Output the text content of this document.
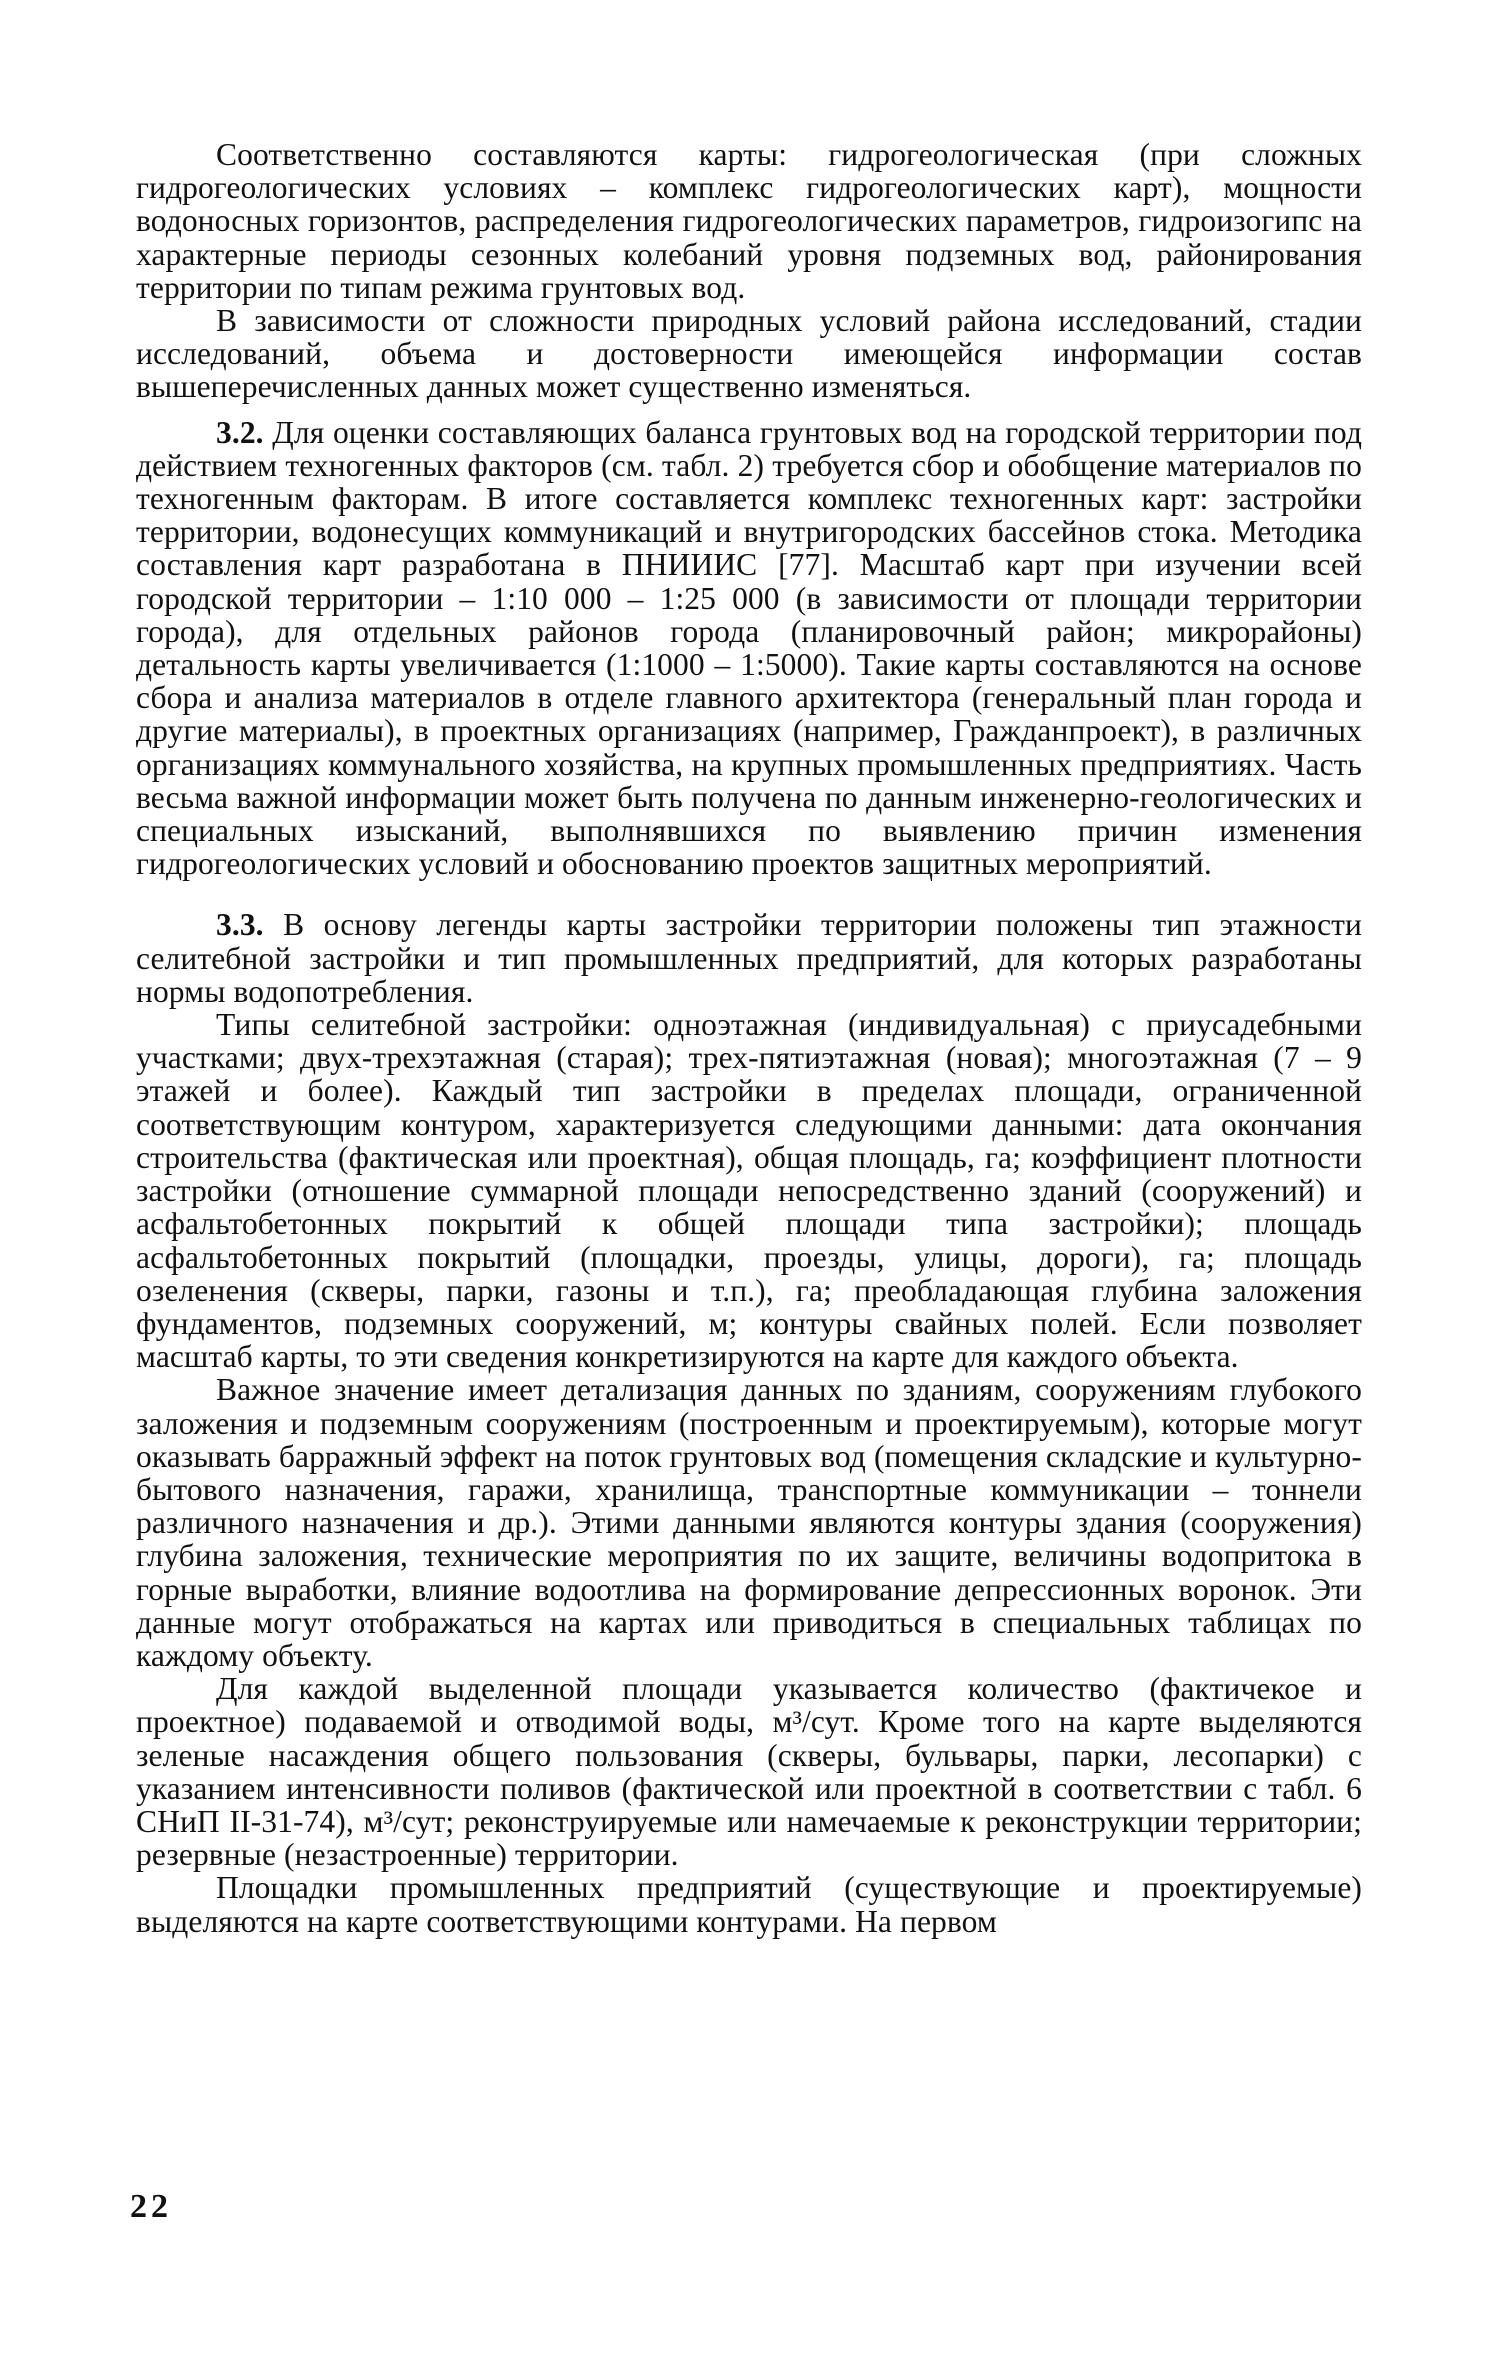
Соответственно составляются карты: гидрогеологическая (при сложных гидрогеологических условиях – комплекс гидрогеологических карт), мощности водоносных горизонтов, распределения гидрогеологических параметров, гидроизогипс на характерные периоды сезонных колебаний уровня подземных вод, районирования территории по типам режима грунтовых вод.

В зависимости от сложности природных условий района исследований, стадии исследований, объема и достоверности имеющейся информации состав вышеперечисленных данных может существенно изменяться.

3.2. Для оценки составляющих баланса грунтовых вод на городской территории под действием техногенных факторов (см. табл. 2) требуется сбор и обобщение материалов по техногенным факторам. В итоге составляется комплекс техногенных карт: застройки территории, водонесущих коммуникаций и внутригородских бассейнов стока. Методика составления карт разработана в ПНИИИС [77]. Масштаб карт при изучении всей городской территории – 1:10 000 – 1:25 000 (в зависимости от площади территории города), для отдельных районов города (планировочный район; микрорайоны) детальность карты увеличивается (1:1000 – 1:5000). Такие карты составляются на основе сбора и анализа материалов в отделе главного архитектора (генеральный план города и другие материалы), в проектных организациях (например, Гражданпроект), в различных организациях коммунального хозяйства, на крупных промышленных предприятиях. Часть весьма важной информации может быть получена по данным инженерно-геологических и специальных изысканий, выполнявшихся по выявлению причин изменения гидрогеологических условий и обоснованию проектов защитных мероприятий.

3.3. В основу легенды карты застройки территории положены тип этажности селитебной застройки и тип промышленных предприятий, для которых разработаны нормы водопотребления.

Типы селитебной застройки: одноэтажная (индивидуальная) с приусадебными участками; двух-трехэтажная (старая); трех-пятиэтажная (новая); многоэтажная (7 – 9 этажей и более). Каждый тип застройки в пределах площади, ограниченной соответствующим контуром, характеризуется следующими данными: дата окончания строительства (фактическая или проектная), общая площадь, га; коэффициент плотности застройки (отношение суммарной площади непосредственно зданий (сооружений) и асфальтобетонных покрытий к общей площади типа застройки); площадь асфальтобетонных покрытий (площадки, проезды, улицы, дороги), га; площадь озеленения (скверы, парки, газоны и т.п.), га; преобладающая глубина заложения фундаментов, подземных сооружений, м; контуры свайных полей. Если позволяет масштаб карты, то эти сведения конкретизируются на карте для каждого объекта.

Важное значение имеет детализация данных по зданиям, сооружениям глубокого заложения и подземным сооружениям (построенным и проектируемым), которые могут оказывать барражный эффект на поток грунтовых вод (помещения складские и культурно-бытового назначения, гаражи, хранилища, транспортные коммуникации – тоннели различного назначения и др.). Этими данными являются контуры здания (сооружения) глубина заложения, технические мероприятия по их защите, величины водопритока в горные выработки, влияние водоотлива на формирование депрессионных воронок. Эти данные могут отображаться на картах или приводиться в специальных таблицах по каждому объекту.

Для каждой выделенной площади указывается количество (фактичекое и проектное) подаваемой и отводимой воды, м³/сут. Кроме того на карте выделяются зеленые насаждения общего пользования (скверы, бульвары, парки, лесопарки) с указанием интенсивности поливов (фактической или проектной в соответствии с табл. 6 СНиП II-31-74), м³/сут; реконструируемые или намечаемые к реконструкции территории; резервные (незастроенные) территории.

Площадки промышленных предприятий (существующие и проектируемые) выделяются на карте соответствующими контурами. На первом

22
